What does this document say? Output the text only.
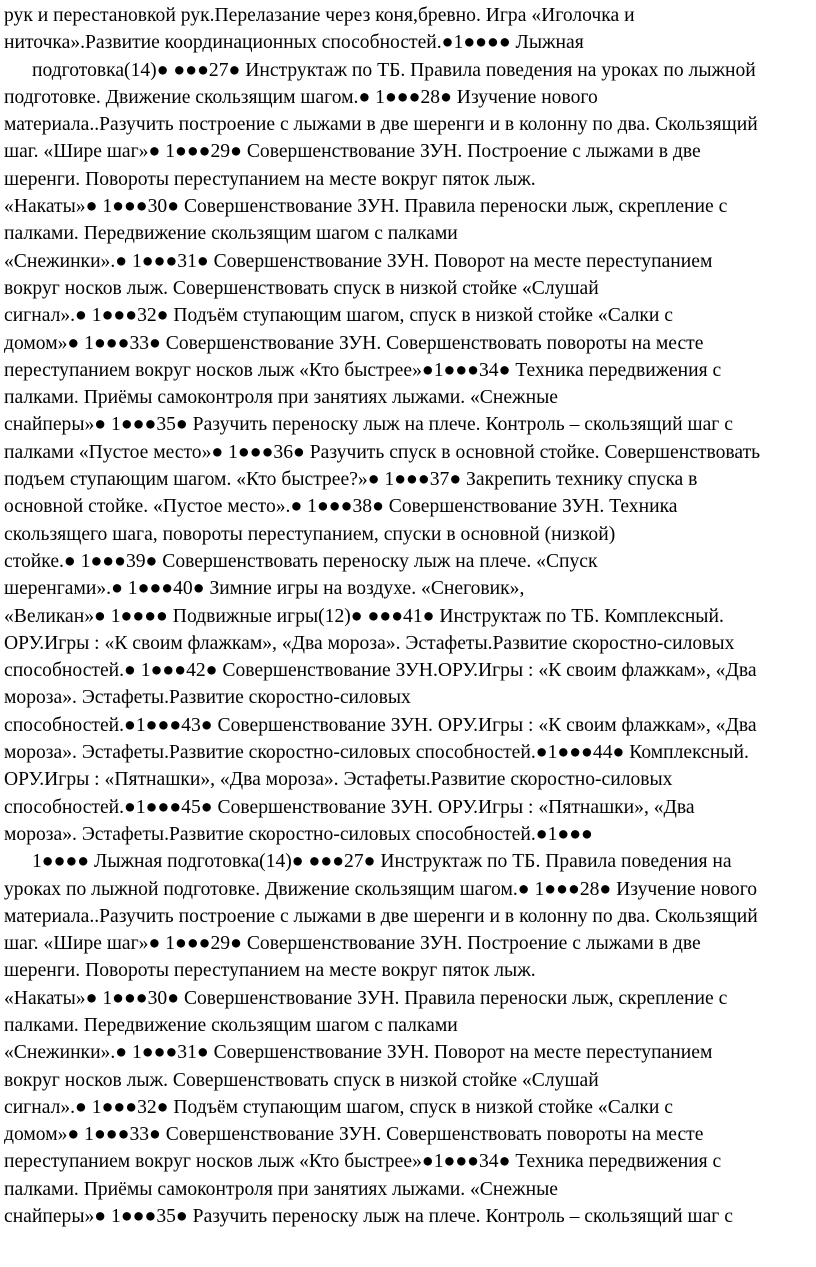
рук и перестановкой рук.Перелазание через коня,бревно. Игра «Иголочка и
ниточка».Развитие координационных способностей.●1●●●● Лыжная
подготовка(14)● ●●●27● Инструктаж по ТБ. Правила поведения на уроках по лыжной
подготовке. Движение скользящим шагом.● 1●●●28● Изучение нового
материала..Разучить построение с лыжами в две шеренги и в колонну по два. Скользящий
шаг. «Шире шаг»● 1●●●29● Совершенствование ЗУН. Построение с лыжами в две
шеренги. Повороты переступанием на месте вокруг пяток лыж.
«Накаты»● 1●●●30● Совершенствование ЗУН. Правила переноски лыж, скрепление с
палками. Передвижение скользящим шагом с палками
«Снежинки».● 1●●●31● Совершенствование ЗУН. Поворот на месте переступанием
вокруг носков лыж. Совершенствовать спуск в низкой стойке «Слушай
сигнал».● 1●●●32● Подъём ступающим шагом, спуск в низкой стойке «Салки с
домом»● 1●●●33● Совершенствование ЗУН. Совершенствовать повороты на месте
переступанием вокруг носков лыж «Кто быстрее»●1●●●34● Техника передвижения с
палками. Приёмы самоконтроля при занятиях лыжами. «Снежные
снайперы»● 1●●●35● Разучить переноску лыж на плече. Контроль – скользящий шаг с
палками «Пустое место»● 1●●●36● Разучить спуск в основной стойке. Совершенствовать
подъем ступающим шагом. «Кто быстрее?»● 1●●●37● Закрепить технику спуска в
основной стойке. «Пустое место».● 1●●●38● Совершенствование ЗУН. Техника
скользящего шага, повороты переступанием, спуски в основной (низкой)
стойке.● 1●●●39● Совершенствовать переноску лыж на плече. «Спуск
шеренгами».● 1●●●40● Зимние игры на воздухе. «Снеговик»,
«Великан»● 1●●●● Подвижные игры(12)● ●●●41● Инструктаж по ТБ. Комплексный.
ОРУ.Игры : «К своим флажкам», «Два мороза». Эстафеты.Развитие скоростно-силовых
способностей.● 1●●●42● Совершенствование ЗУН.ОРУ.Игры : «К своим флажкам», «Два
мороза». Эстафеты.Развитие скоростно-силовых
способностей.●1●●●43● Совершенствование ЗУН. ОРУ.Игры : «К своим флажкам», «Два
мороза». Эстафеты.Развитие скоростно-силовых способностей.●1●●●44● Комплексный.
ОРУ.Игры : «Пятнашки», «Два мороза». Эстафеты.Развитие скоростно-силовых
способностей.●1●●●45● Совершенствование ЗУН. ОРУ.Игры : «Пятнашки», «Два
мороза». Эстафеты.Развитие скоростно-силовых способностей.●1●●●
1●●●● Лыжная подготовка(14)● ●●●27● Инструктаж по ТБ. Правила поведения на
уроках по лыжной подготовке. Движение скользящим шагом.● 1●●●28● Изучение нового
материала..Разучить построение с лыжами в две шеренги и в колонну по два. Скользящий
шаг. «Шире шаг»● 1●●●29● Совершенствование ЗУН. Построение с лыжами в две
шеренги. Повороты переступанием на месте вокруг пяток лыж.
«Накаты»● 1●●●30● Совершенствование ЗУН. Правила переноски лыж, скрепление с
палками. Передвижение скользящим шагом с палками
«Снежинки».● 1●●●31● Совершенствование ЗУН. Поворот на месте переступанием
вокруг носков лыж. Совершенствовать спуск в низкой стойке «Слушай
сигнал».● 1●●●32● Подъём ступающим шагом, спуск в низкой стойке «Салки с
домом»● 1●●●33● Совершенствование ЗУН. Совершенствовать повороты на месте
переступанием вокруг носков лыж «Кто быстрее»●1●●●34● Техника передвижения с
палками. Приёмы самоконтроля при занятиях лыжами. «Снежные
снайперы»● 1●●●35● Разучить переноску лыж на плече. Контроль – скользящий шаг с
